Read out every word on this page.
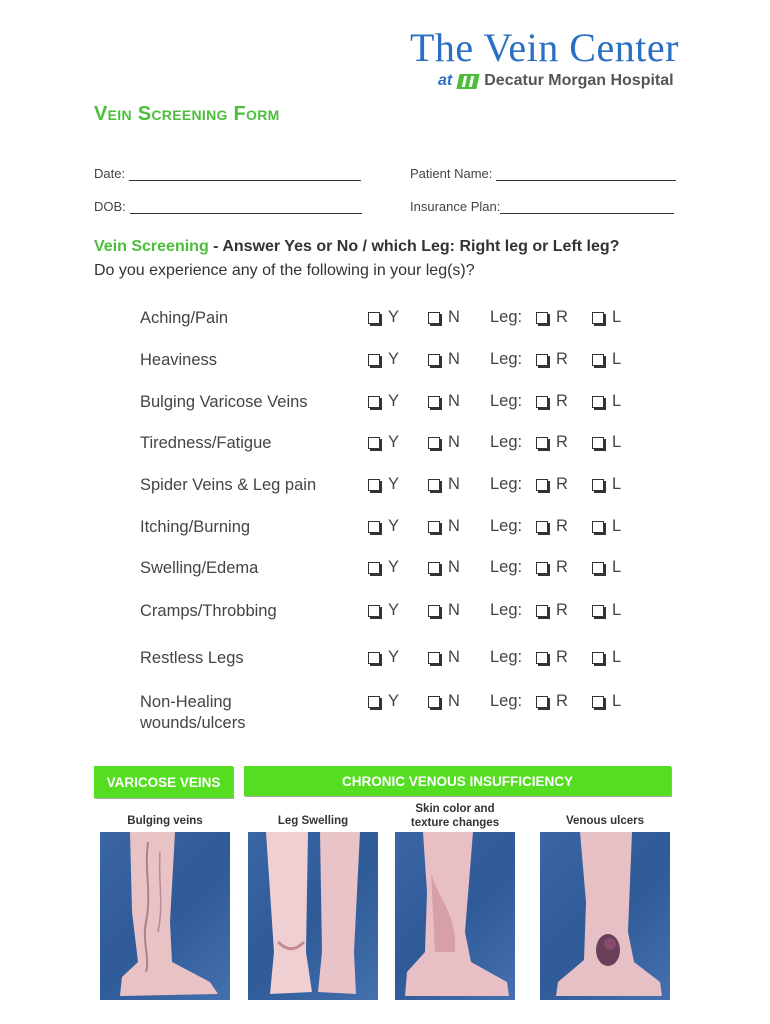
The Vein Center
at Decatur Morgan Hospital
Vein Screening Form
Date:	Patient Name:
DOB:	Insurance Plan:
Vein Screening - Answer Yes or No / which Leg: Right leg or Left leg?
Do you experience any of the following in your leg(s)?
Aching/Pain	Y	N Leg: R	L
Heaviness	Y	N Leg: R	L
Bulging Varicose Veins	Y	N Leg: R	L
Tiredness/Fatigue	Y	N Leg: R	L
Spider Veins & Leg pain	Y	N Leg: R	L
Itching/Burning	Y	N Leg: R	L
Swelling/Edema	Y	N Leg: R	L
Cramps/Throbbing	Y	N Leg: R	L
Restless Legs	Y	N Leg: R	L
Non-Healing wounds/ulcers
Y	N Leg: R	L
VARICOSE VEINS	CHRONIC VENOUS INSUFFICIENCY
Bulging veins	Leg Swelling
Skin color and texture changes	Venous ulcers
